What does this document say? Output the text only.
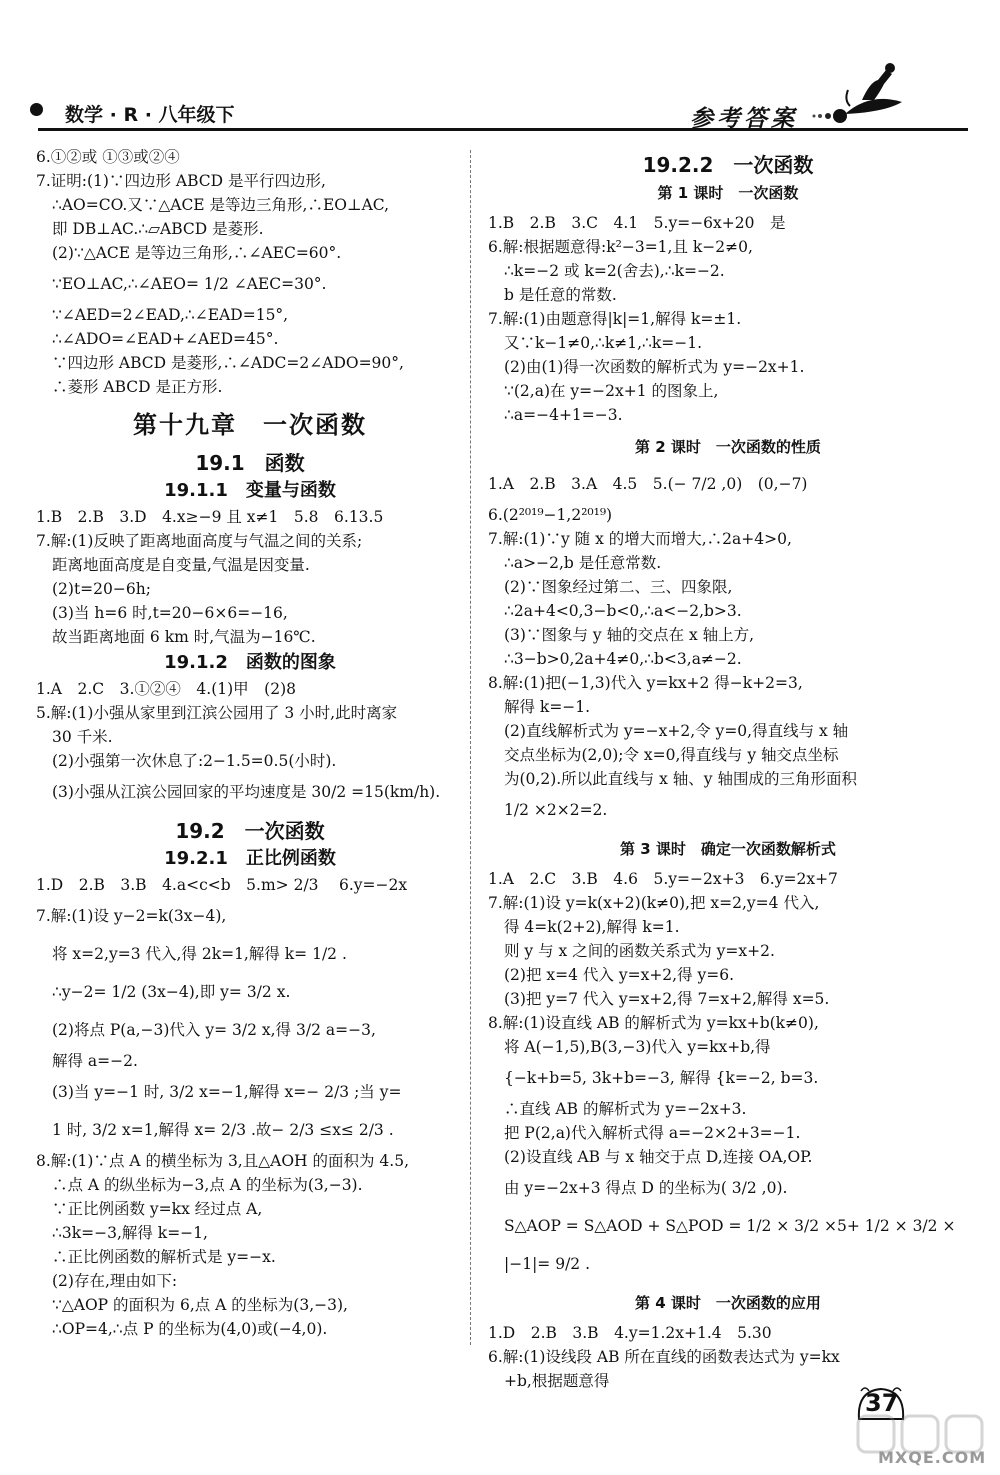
数学 · R · 八年级下	参考答案

6.①②或 ①③或②④

7.证明:(1)∵四边形 ABCD 是平行四边形,

∴AO=CO.又∵△ACE 是等边三角形,∴EO⊥AC,

即 DB⊥AC.∴▱ABCD 是菱形.

(2)∵△ACE 是等边三角形,∴∠AEC=60°.

∵EO⊥AC,∴∠AEO= 1/2 ∠AEC=30°.

∵∠AED=2∠EAD,∴∠EAD=15°,

∴∠ADO=∠EAD+∠AED=45°.

∵四边形 ABCD 是菱形,∴∠ADC=2∠ADO=90°,

∴菱形 ABCD 是正方形.

第十九章　一次函数

19.1　函数

19.1.1　变量与函数

1.B　2.B　3.D　4.x≥−9 且 x≠1　5.8　6.13.5

7.解:(1)反映了距离地面高度与气温之间的关系;

距离地面高度是自变量,气温是因变量.

(2)t=20−6h;

(3)当 h=6 时,t=20−6×6=−16,

故当距离地面 6 km 时,气温为−16℃.

19.1.2　函数的图象

1.A　2.C　3.①②④　4.(1)甲　(2)8

5.解:(1)小强从家里到江滨公园用了 3 小时,此时离家

30 千米.

(2)小强第一次休息了:2−1.5=0.5(小时).

(3)小强从江滨公园回家的平均速度是 30/2 =15(km/h).

19.2　一次函数

19.2.1　正比例函数

1.D　2.B　3.B　4.a<c<b　5.m> 2/3 　6.y=−2x

7.解:(1)设 y−2=k(3x−4),

将 x=2,y=3 代入,得 2k=1,解得 k= 1/2 .

∴y−2= 1/2 (3x−4),即 y= 3/2 x.

(2)将点 P(a,−3)代入 y= 3/2 x,得 3/2 a=−3,

解得 a=−2.

(3)当 y=−1 时, 3/2 x=−1,解得 x=− 2/3 ;当 y=

1 时, 3/2 x=1,解得 x= 2/3 .故− 2/3 ≤x≤ 2/3 .

8.解:(1)∵点 A 的横坐标为 3,且△AOH 的面积为 4.5,

∴点 A 的纵坐标为−3,点 A 的坐标为(3,−3).

∵正比例函数 y=kx 经过点 A,

∴3k=−3,解得 k=−1,

∴正比例函数的解析式是 y=−x.

(2)存在,理由如下:

∵△AOP 的面积为 6,点 A 的坐标为(3,−3),

∴OP=4,∴点 P 的坐标为(4,0)或(−4,0).

19.2.2　一次函数

第 1 课时　一次函数

1.B　2.B　3.C　4.1　5.y=−6x+20　是

6.解:根据题意得:k²−3=1,且 k−2≠0,

∴k=−2 或 k=2(舍去),∴k=−2.

b 是任意的常数.

7.解:(1)由题意得|k|=1,解得 k=±1.

又∵k−1≠0,∴k≠1,∴k=−1.

(2)由(1)得一次函数的解析式为 y=−2x+1.

∵(2,a)在 y=−2x+1 的图象上,

∴a=−4+1=−3.

第 2 课时　一次函数的性质

1.A　2.B　3.A　4.5　5.(− 7/2 ,0)　(0,−7)

6.(2²⁰¹⁹−1,2²⁰¹⁹)

7.解:(1)∵y 随 x 的增大而增大,∴2a+4>0,

∴a>−2,b 是任意常数.

(2)∵图象经过第二、三、四象限,

∴2a+4<0,3−b<0,∴a<−2,b>3.

(3)∵图象与 y 轴的交点在 x 轴上方,

∴3−b>0,2a+4≠0,∴b<3,a≠−2.

8.解:(1)把(−1,3)代入 y=kx+2 得−k+2=3,

解得 k=−1.

(2)直线解析式为 y=−x+2,令 y=0,得直线与 x 轴

交点坐标为(2,0);令 x=0,得直线与 y 轴交点坐标

为(0,2).所以此直线与 x 轴、y 轴围成的三角形面积

1/2 ×2×2=2.

第 3 课时　确定一次函数解析式

1.A　2.C　3.B　4.6　5.y=−2x+3　6.y=2x+7

7.解:(1)设 y=k(x+2)(k≠0),把 x=2,y=4 代入,

得 4=k(2+2),解得 k=1.

则 y 与 x 之间的函数关系式为 y=x+2.

(2)把 x=4 代入 y=x+2,得 y=6.

(3)把 y=7 代入 y=x+2,得 7=x+2,解得 x=5.

8.解:(1)设直线 AB 的解析式为 y=kx+b(k≠0),

将 A(−1,5),B(3,−3)代入 y=kx+b,得

{−k+b=5, 3k+b=−3, 解得 {k=−2, b=3.

∴直线 AB 的解析式为 y=−2x+3.

把 P(2,a)代入解析式得 a=−2×2+3=−1.

(2)设直线 AB 与 x 轴交于点 D,连接 OA,OP.

由 y=−2x+3 得点 D 的坐标为( 3/2 ,0).

S△AOP = S△AOD + S△POD = 1/2 × 3/2 ×5+ 1/2 × 3/2 ×

|−1|= 9/2 .

第 4 课时　一次函数的应用

1.D　2.B　3.B　4.y=1.2x+1.4　5.30

6.解:(1)设线段 AB 所在直线的函数表达式为 y=kx

+b,根据题意得

37
MXQE.COM
